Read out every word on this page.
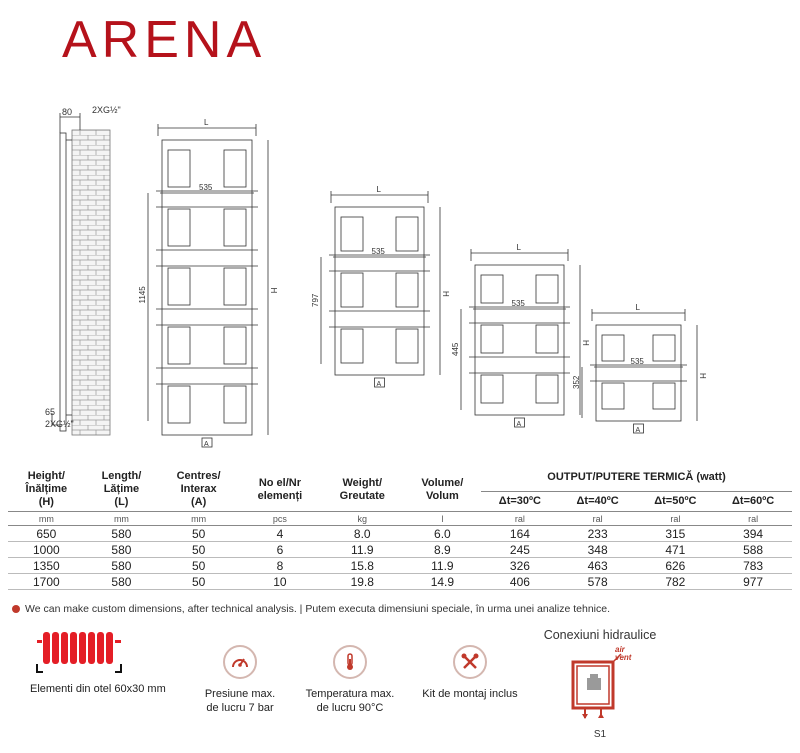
ARENA
80 2XG½"
65
2XG½"
L
535
1145	H
A
L
535
797	H
A
L
535
445	H
A
L
535
352	H
A
Height/
Înălțime
(H)	Length/
Lățime
(L)	Centres/
Interax
(A)	No el/Nr
elemenți	Weight/
Greutate	Volume/
Volum	OUTPUT/PUTERE TERMICĂ (watt)			
						Δt=30ºC	Δt=40ºC	Δt=50ºC	Δt=60ºC
mm	mm	mm	pcs	kg	l	ral	ral	ral	ral
650	580	50	4	8.0	6.0	164	233	315	394
1000	580	50	6	11.9	8.9	245	348	471	588
1350	580	50	8	15.8	11.9	326	463	626	783
1700	580	50	10	19.8	14.9	406	578	782	977
We can make custom dimensions, after technical analysis. | Putem executa dimensiuni speciale, în urma unei analize tehnice.
Elementi din otel 60x30 mm	Presiune max.
de lucru 7 bar
Temperatura max.
de lucru 90°C
Kit de montaj inclus
Conexiuni hidraulice
air
vent
S1
